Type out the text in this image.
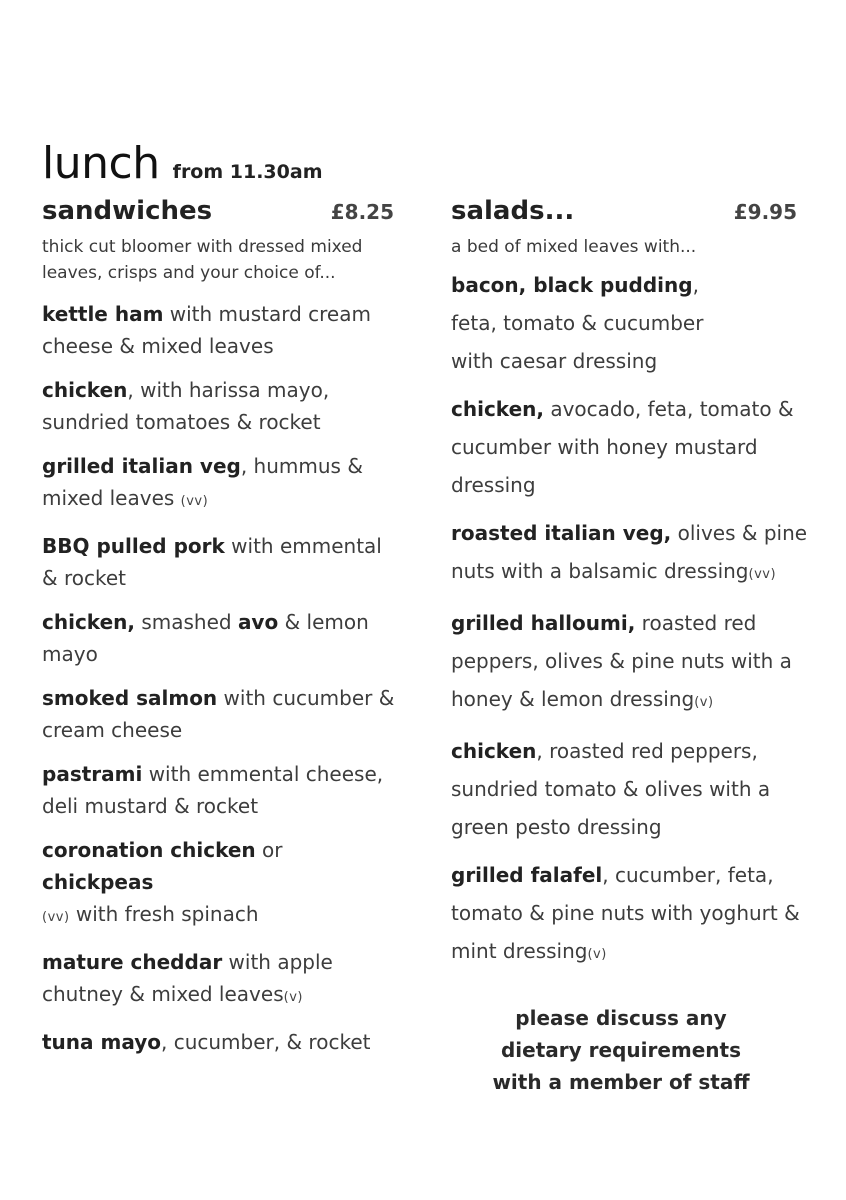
lunch from 11.30am
sandwiches	£8.25
thick cut bloomer with dressed mixed leaves, crisps and your choice of...
kettle ham with mustard cream cheese & mixed leaves
chicken, with harissa mayo, sundried tomatoes & rocket
grilled italian veg, hummus & mixed leaves (vv)
BBQ pulled pork with emmental & rocket
chicken, smashed avo & lemon mayo
smoked salmon with cucumber & cream cheese
pastrami with emmental cheese, deli mustard & rocket
coronation chicken or chickpeas
(vv) with fresh spinach
mature cheddar with apple chutney & mixed leaves(v)
tuna mayo, cucumber, & rocket
salads...	£9.95
a bed of mixed leaves with...
bacon, black pudding, feta, tomato & cucumber with caesar dressing
chicken, avocado, feta, tomato & cucumber with honey mustard dressing
roasted italian veg, olives & pine nuts with a balsamic dressing(vv)
grilled halloumi, roasted red peppers, olives & pine nuts with a honey & lemon dressing(v)
chicken, roasted red peppers, sundried tomato & olives with a green pesto dressing
grilled falafel, cucumber, feta, tomato & pine nuts with yoghurt & mint dressing(v)
please discuss any
dietary requirements
with a member of staff
